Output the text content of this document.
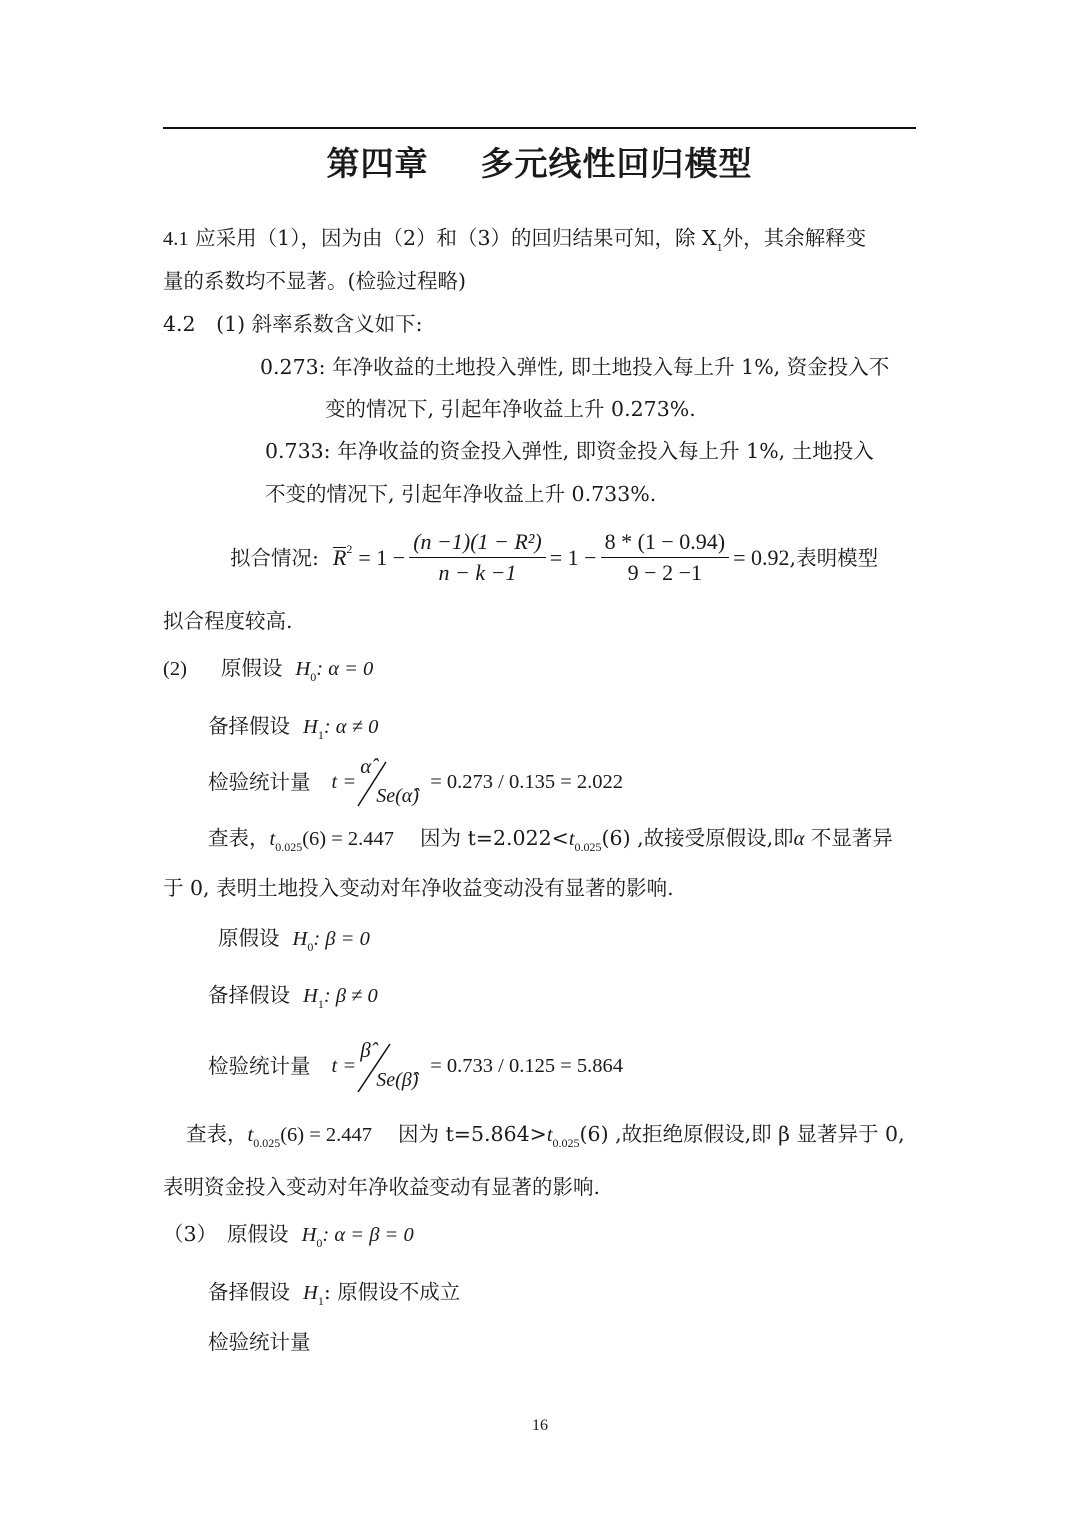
第四章 多元线性回归模型
4.1 应采用（1），因为由（2）和（3）的回归结果可知，除 $X_1$外，其余解释变
量的系数均不显著。(检验过程略)
4.2　(1) 斜率系数含义如下:
0.273: 年净收益的土地投入弹性, 即土地投入每上升 1%, 资金投入不
变的情况下, 引起年净收益上升 0.273%.
0.733: 年净收益的资金投入弹性, 即资金投入每上升 1%, 土地投入
不变的情况下, 引起年净收益上升 0.733%.
拟合情况: R $2 = 1 - \frac{\text{(n −1)(1 − R²)}}{n - k -1} = 1 - \frac{8 * (1 - 0.94)}{9 - 2 -1} = 0.92$ ,表明模型
拟合程度较高.
(2) 原假设 $H_0$: α = 0
备择假设 $H_1$: α ≠ 0
检验统计量
t =
α̂
Se(α̂)
= 0.273 / 0.135 = 2.022
查表，$t_{0.025}(6) = 2.447$ 因为 $t=2.022<t_{0.025}(6)$ ,故接受原假设,即α 不显著异
于 0, 表明土地投入变动对年净收益变动没有显著的影响.
原假设 $H_0$: β = 0
备择假设 $H_1$: β ≠ 0
检验统计量
t =
β̂
Se(β̂)
= 0.733 / 0.125 = 5.864
查表，$t_{0.025}(6) = 2.447$ 因为 $t=5.864>t_{0.025}(6)$ ,故拒绝原假设,即 β 显著异于 0,
表明资金投入变动对年净收益变动有显著的影响.
（3） 原假设 $H_0$: α = β = 0
备择假设 $H_1$: 原假设不成立
检验统计量
16
